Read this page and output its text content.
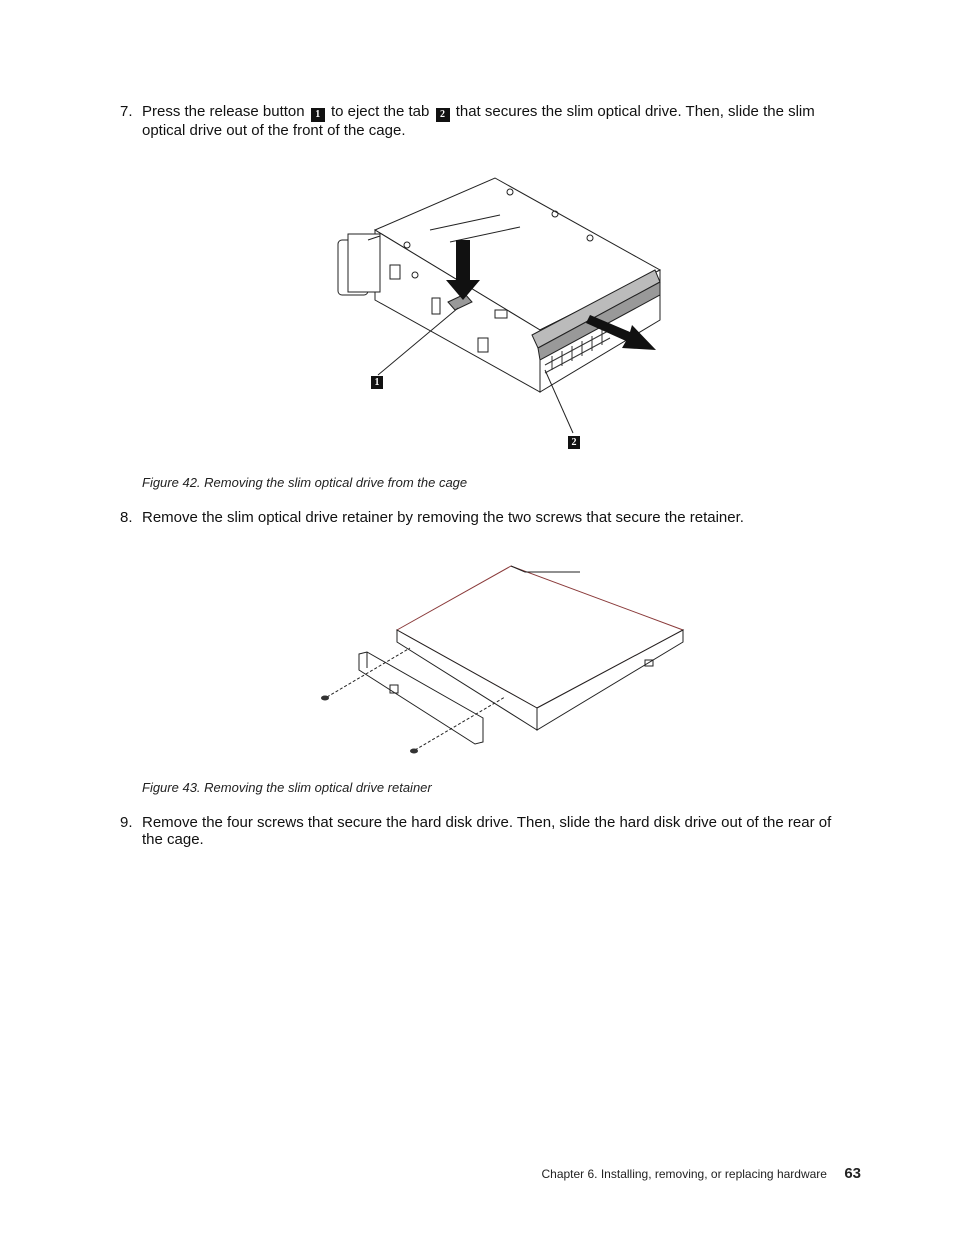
7. Press the release button 1 to eject the tab 2 that secures the slim optical drive. Then, slide the slim optical drive out of the front of the cage.
1
2
Figure 42. Removing the slim optical drive from the cage
8. Remove the slim optical drive retainer by removing the two screws that secure the retainer.
Figure 43. Removing the slim optical drive retainer
9. Remove the four screws that secure the hard disk drive. Then, slide the hard disk drive out of the rear of the cage.
Chapter 6. Installing, removing, or replacing hardware 63
